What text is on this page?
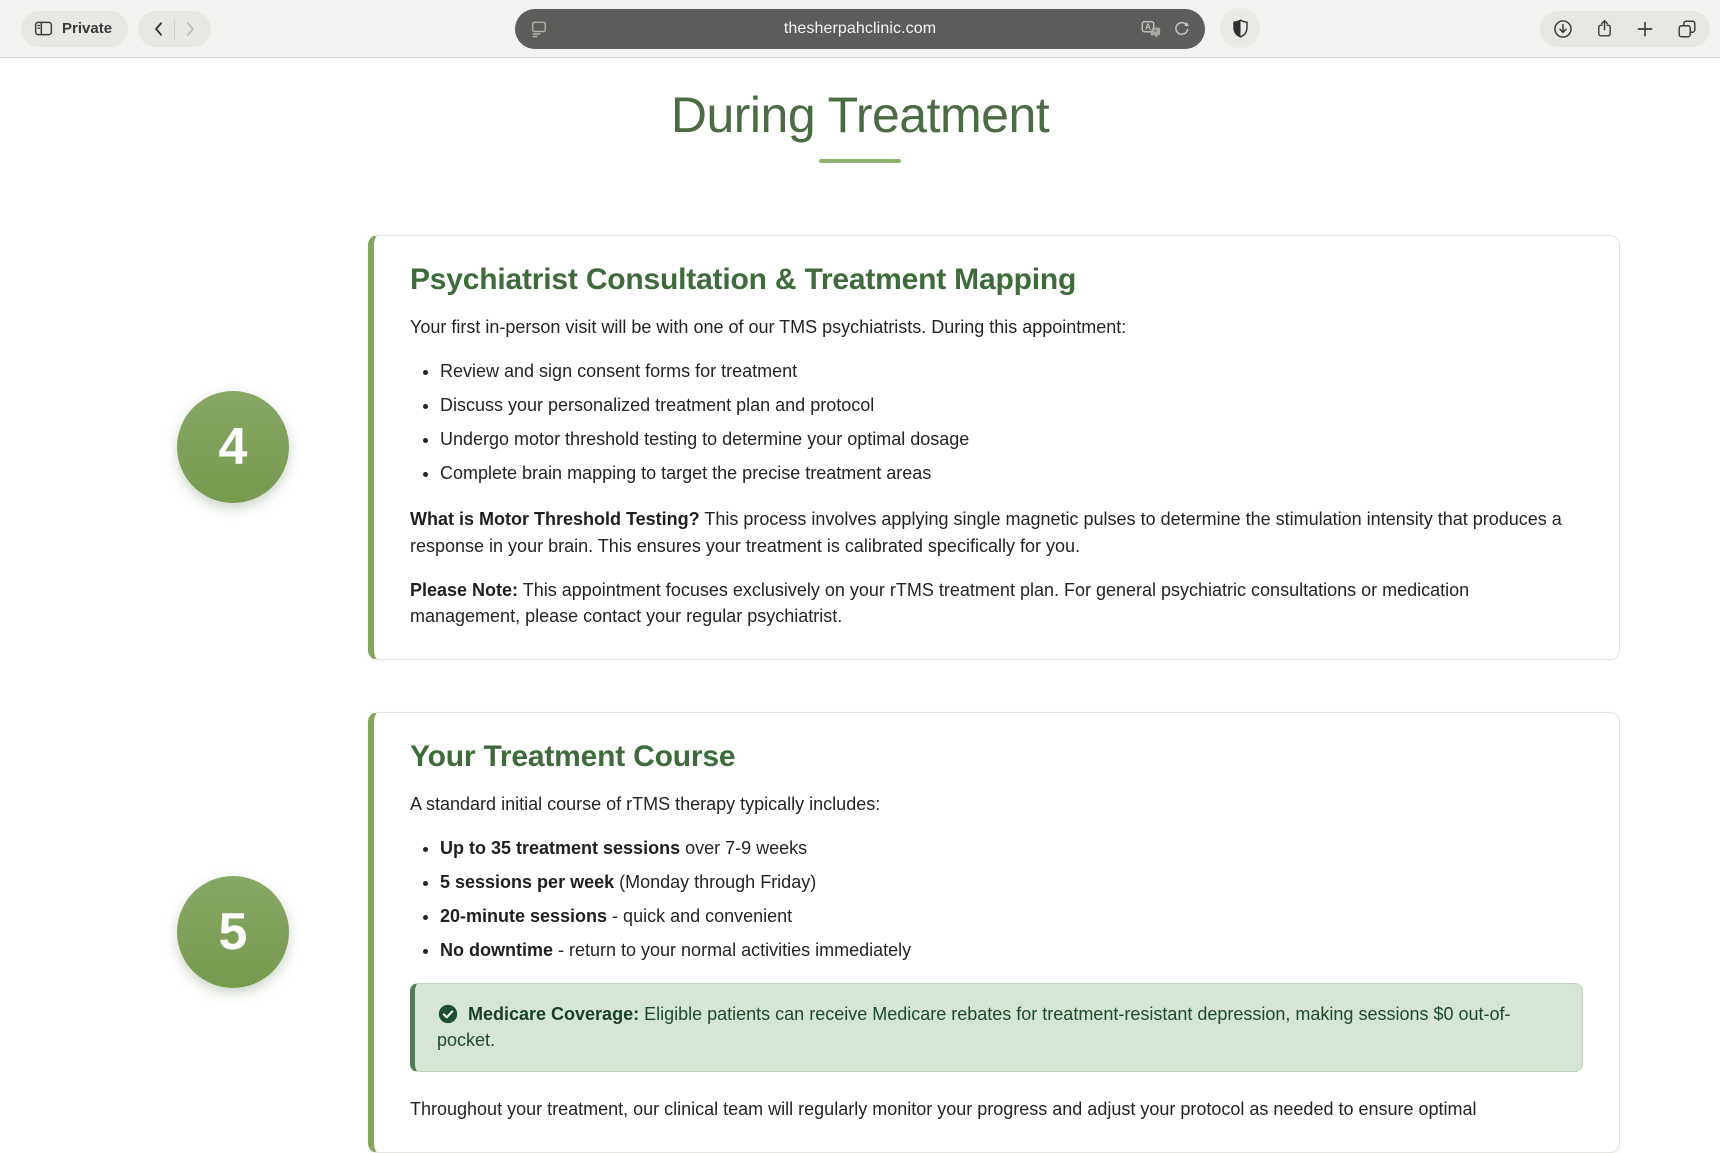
Private	thesherpahclinic.com	A
*
During Treatment
4
Psychiatrist Consultation & Treatment Mapping

Your first in-person visit will be with one of our TMS psychiatrists. During this appointment:

• Review and sign consent forms for treatment
• Discuss your personalized treatment plan and protocol
• Undergo motor threshold testing to determine your optimal dosage
• Complete brain mapping to target the precise treatment areas

What is Motor Threshold Testing? This process involves applying single magnetic pulses to determine the stimulation intensity that produces a response in your brain. This ensures your treatment is calibrated specifically for you.

Please Note: This appointment focuses exclusively on your rTMS treatment plan. For general psychiatric consultations or medication management, please contact your regular psychiatrist.

5
Your Treatment Course

A standard initial course of rTMS therapy typically includes:

• Up to 35 treatment sessions over 7-9 weeks
• 5 sessions per week (Monday through Friday)
• 20-minute sessions - quick and convenient
• No downtime - return to your normal activities immediately

Medicare Coverage: Eligible patients can receive Medicare rebates for treatment-resistant depression, making sessions $0 out-of-pocket.

Throughout your treatment, our clinical team will regularly monitor your progress and adjust your protocol as needed to ensure optimal
